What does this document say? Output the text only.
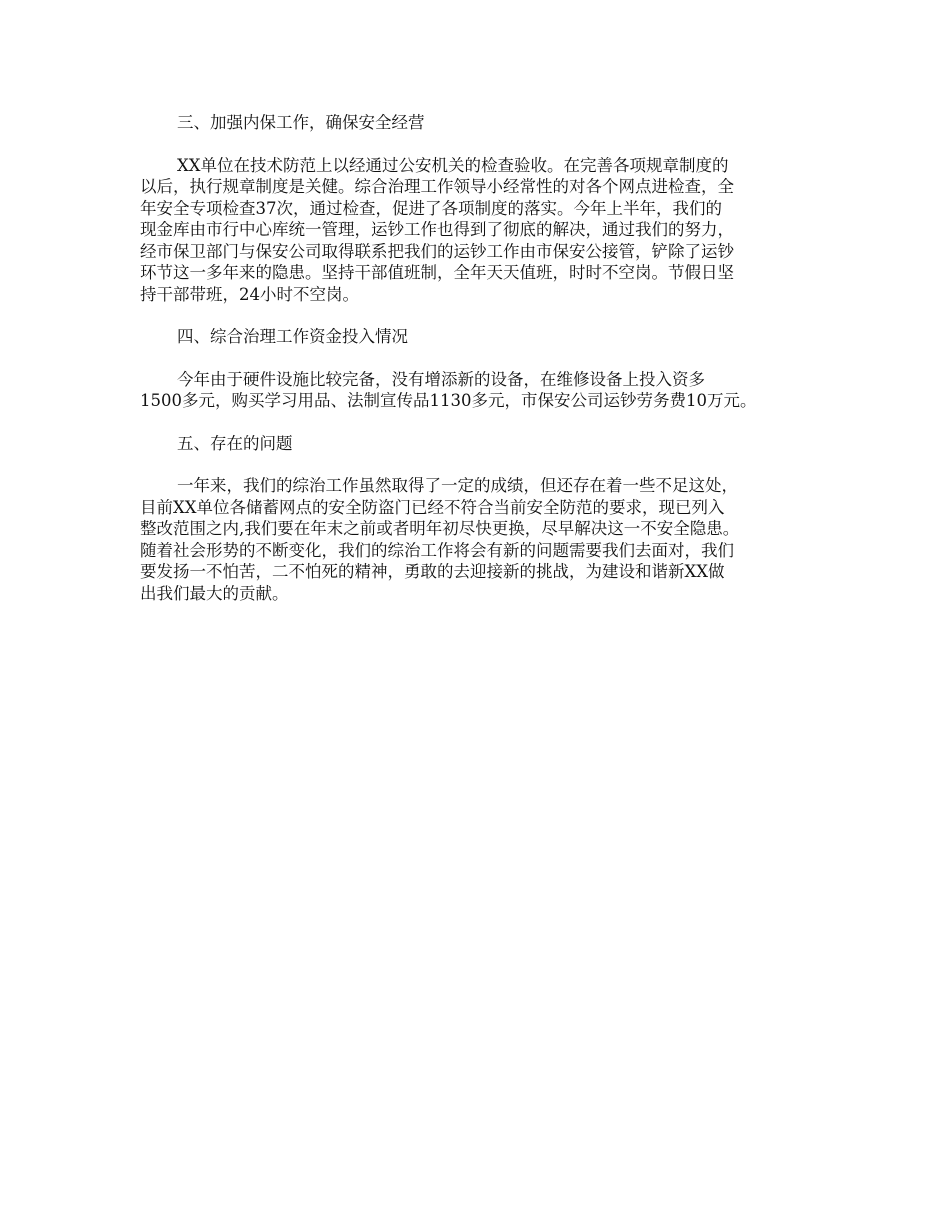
三、加强内保工作，确保安全经营
XX单位在技术防范上以经通过公安机关的检查验收。在完善各项规章制度的
以后，执行规章制度是关健。综合治理工作领导小经常性的对各个网点进检查，全
年安全专项检查37次，通过检查，促进了各项制度的落实。今年上半年，我们的
现金库由市行中心库统一管理，运钞工作也得到了彻底的解决，通过我们的努力，
经市保卫部门与保安公司取得联系把我们的运钞工作由市保安公接管，铲除了运钞
环节这一多年来的隐患。坚持干部值班制，全年天天值班，时时不空岗。节假日坚
持干部带班，24小时不空岗。
四、综合治理工作资金投入情况
今年由于硬件设施比较完备，没有增添新的设备，在维修设备上投入资多
1500多元，购买学习用品、法制宣传品1130多元，市保安公司运钞劳务费10万元。
五、存在的问题
一年来，我们的综治工作虽然取得了一定的成绩，但还存在着一些不足这处，
目前XX单位各储蓄网点的安全防盗门已经不符合当前安全防范的要求，现已列入
整改范围之内,我们要在年末之前或者明年初尽快更换，尽早解决这一不安全隐患。
随着社会形势的不断变化，我们的综治工作将会有新的问题需要我们去面对，我们
要发扬一不怕苦，二不怕死的精神，勇敢的去迎接新的挑战，为建设和谐新XX做
出我们最大的贡献。
